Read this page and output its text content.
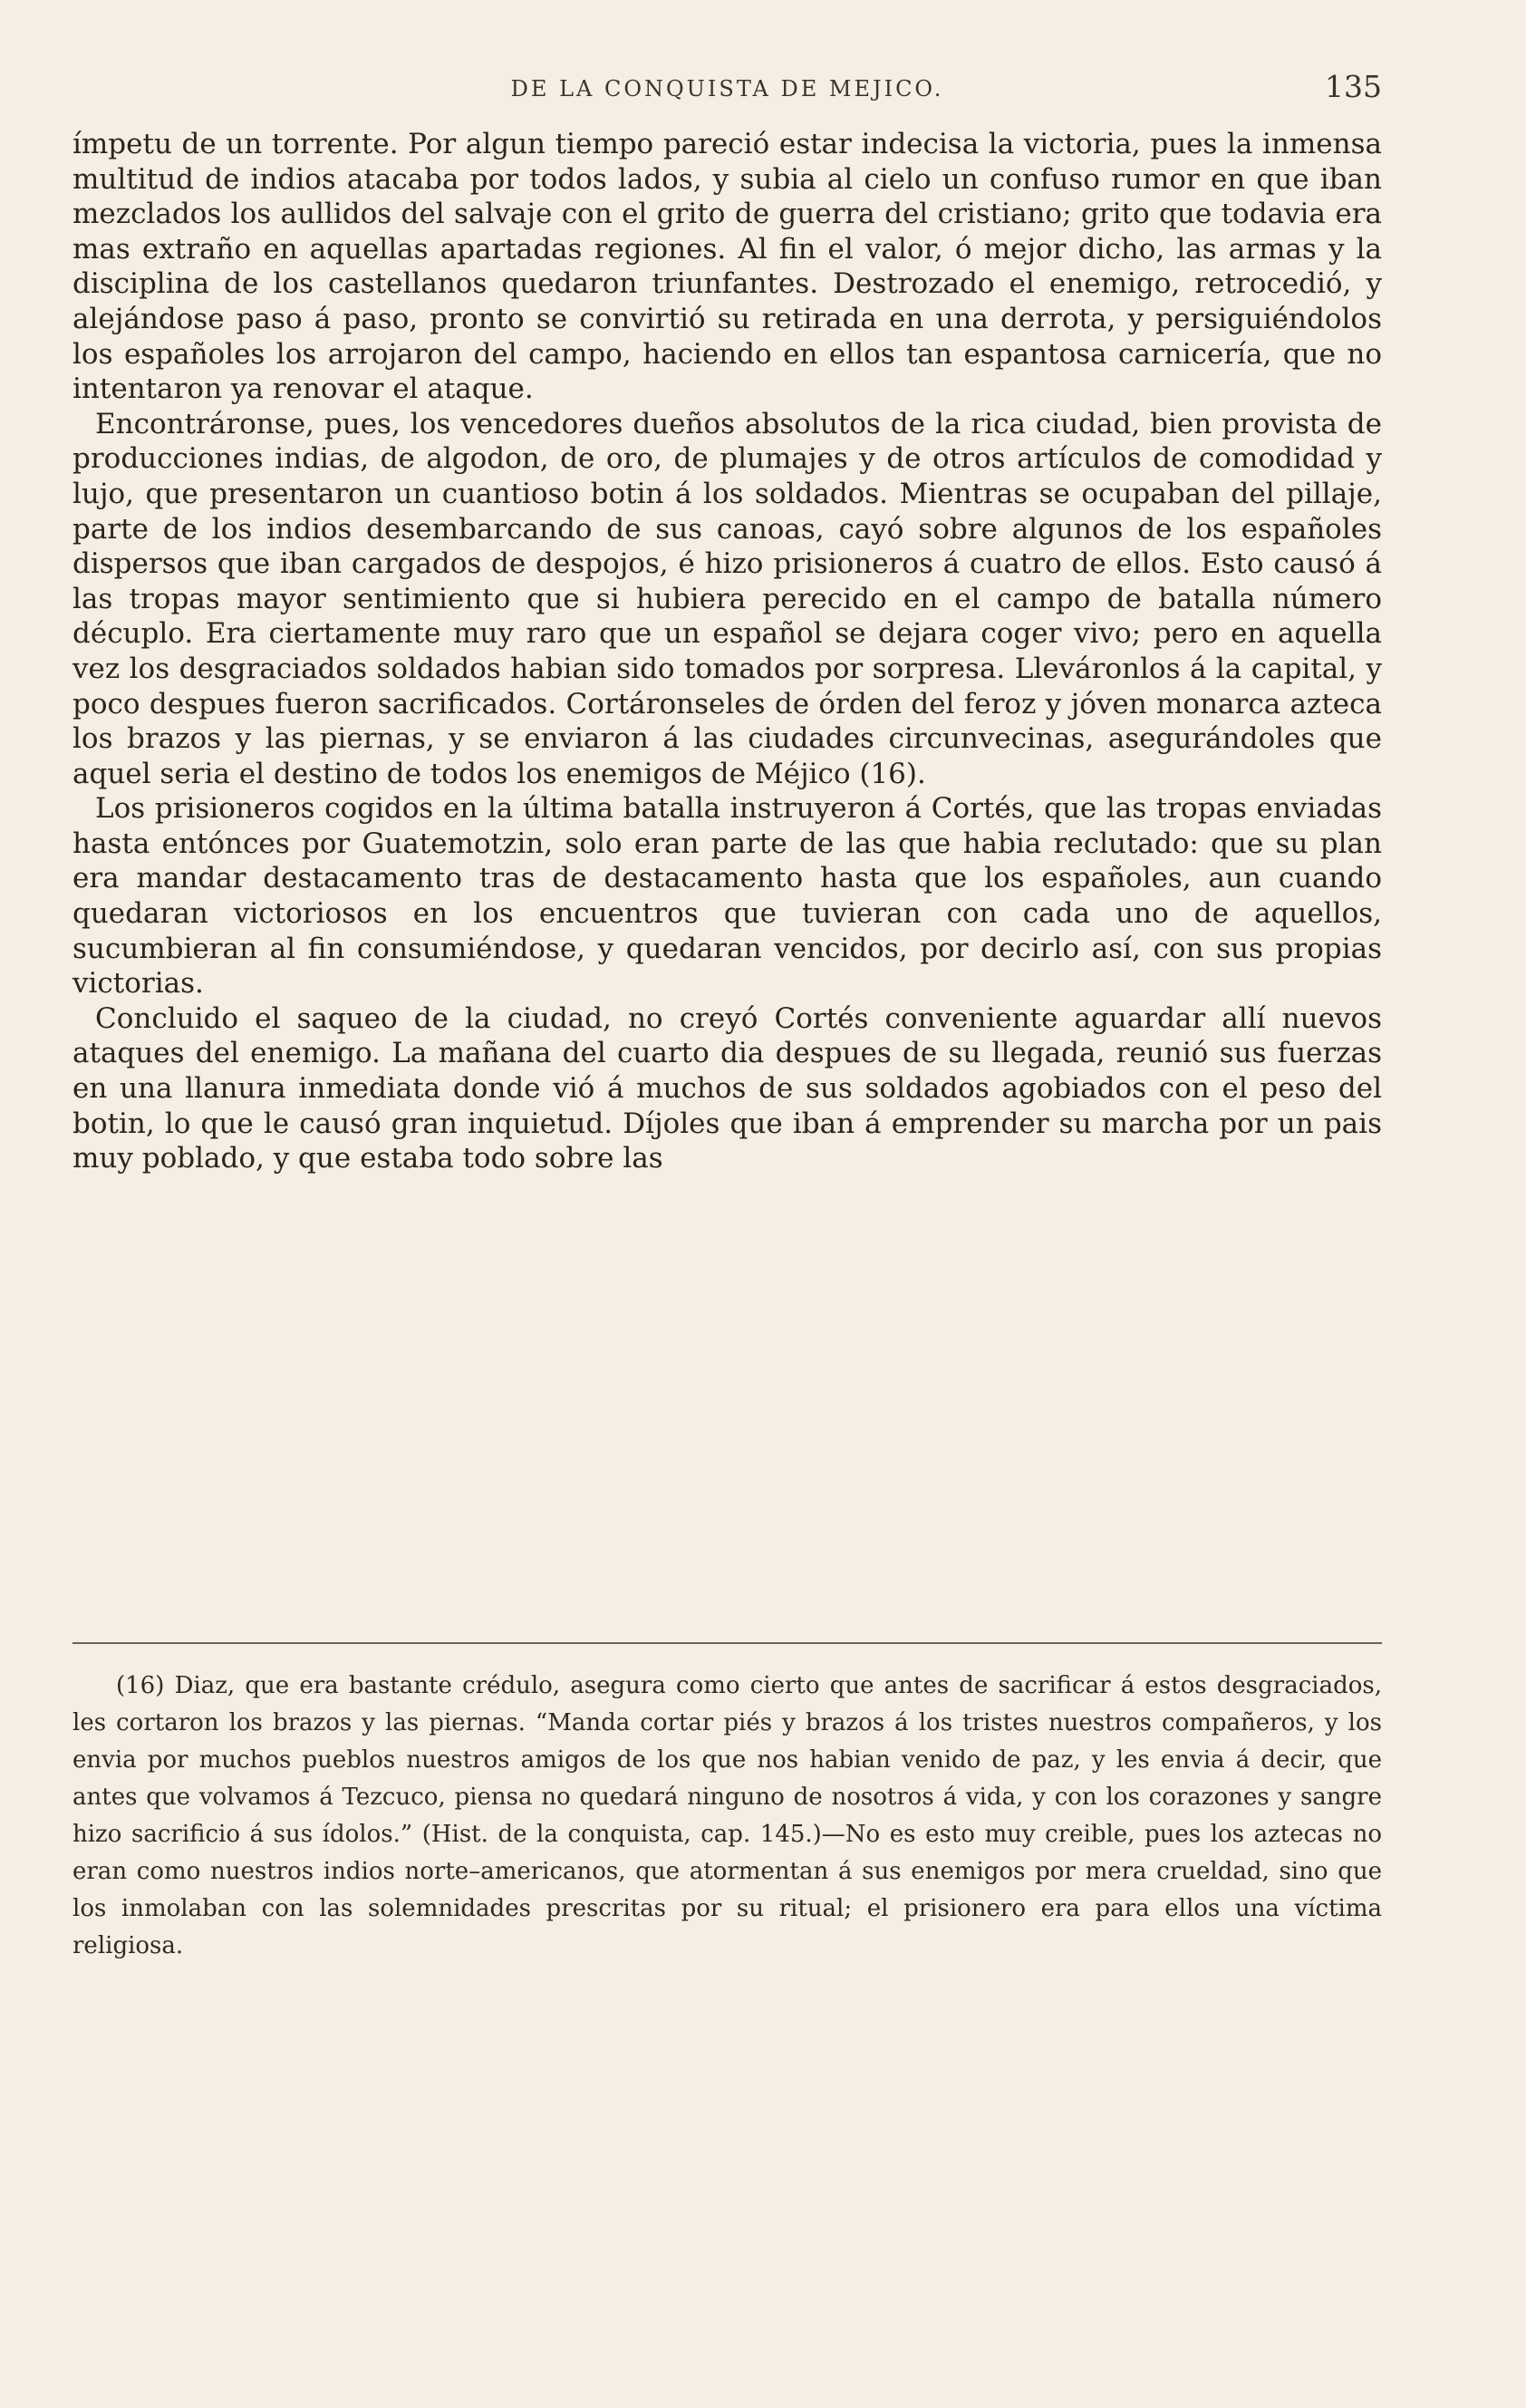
DE LA CONQUISTA DE MEJICO.	135

ímpetu de un torrente. Por algun tiempo pareció estar indecisa la victoria, pues la inmensa multitud de indios atacaba por todos lados, y subia al cielo un confuso rumor en que iban mezclados los aullidos del salvaje con el grito de guerra del cristiano; grito que todavia era mas extraño en aquellas apartadas regiones. Al fin el valor, ó mejor dicho, las armas y la disciplina de los castellanos quedaron triunfantes. Destrozado el enemigo, retrocedió, y alejándose paso á paso, pronto se convirtió su retirada en una derrota, y persiguiéndolos los españoles los arrojaron del campo, haciendo en ellos tan espantosa carnicería, que no intentaron ya renovar el ataque.

Encontráronse, pues, los vencedores dueños absolutos de la rica ciudad, bien provista de producciones indias, de algodon, de oro, de plumajes y de otros artículos de comodidad y lujo, que presentaron un cuantioso botin á los soldados. Mientras se ocupaban del pillaje, parte de los indios desembarcando de sus canoas, cayó sobre algunos de los españoles dispersos que iban cargados de despojos, é hizo prisioneros á cuatro de ellos. Esto causó á las tropas mayor sentimiento que si hubiera perecido en el campo de batalla número décuplo. Era ciertamente muy raro que un español se dejara coger vivo; pero en aquella vez los desgraciados soldados habian sido tomados por sorpresa. Lleváronlos á la capital, y poco despues fueron sacrificados. Cortáronseles de órden del feroz y jóven monarca azteca los brazos y las piernas, y se enviaron á las ciudades circunvecinas, asegurándoles que aquel seria el destino de todos los enemigos de Méjico (16).

Los prisioneros cogidos en la última batalla instruyeron á Cortés, que las tropas enviadas hasta entónces por Guatemotzin, solo eran parte de las que habia reclutado: que su plan era mandar destacamento tras de destacamento hasta que los españoles, aun cuando quedaran victoriosos en los encuentros que tuvieran con cada uno de aquellos, sucumbieran al fin consumiéndose, y quedaran vencidos, por decirlo así, con sus propias victorias.

Concluido el saqueo de la ciudad, no creyó Cortés conveniente aguardar allí nuevos ataques del enemigo. La mañana del cuarto dia despues de su llegada, reunió sus fuerzas en una llanura inmediata donde vió á muchos de sus soldados agobiados con el peso del botin, lo que le causó gran inquietud. Díjoles que iban á emprender su marcha por un pais muy poblado, y que estaba todo sobre las

(16) Diaz, que era bastante crédulo, asegura como cierto que antes de sacrificar á estos desgraciados, les cortaron los brazos y las piernas. “Manda cortar piés y brazos á los tristes nuestros compañeros, y los envia por muchos pueblos nuestros amigos de los que nos habian venido de paz, y les envia á decir, que antes que volvamos á Tezcuco, piensa no quedará ninguno de nosotros á vida, y con los corazones y sangre hizo sacrificio á sus ídolos.” (Hist. de la conquista, cap. 145.)—No es esto muy creible, pues los aztecas no eran como nuestros indios norte–americanos, que atormentan á sus enemigos por mera crueldad, sino que los inmolaban con las solemnidades prescritas por su ritual; el prisionero era para ellos una víctima religiosa.
